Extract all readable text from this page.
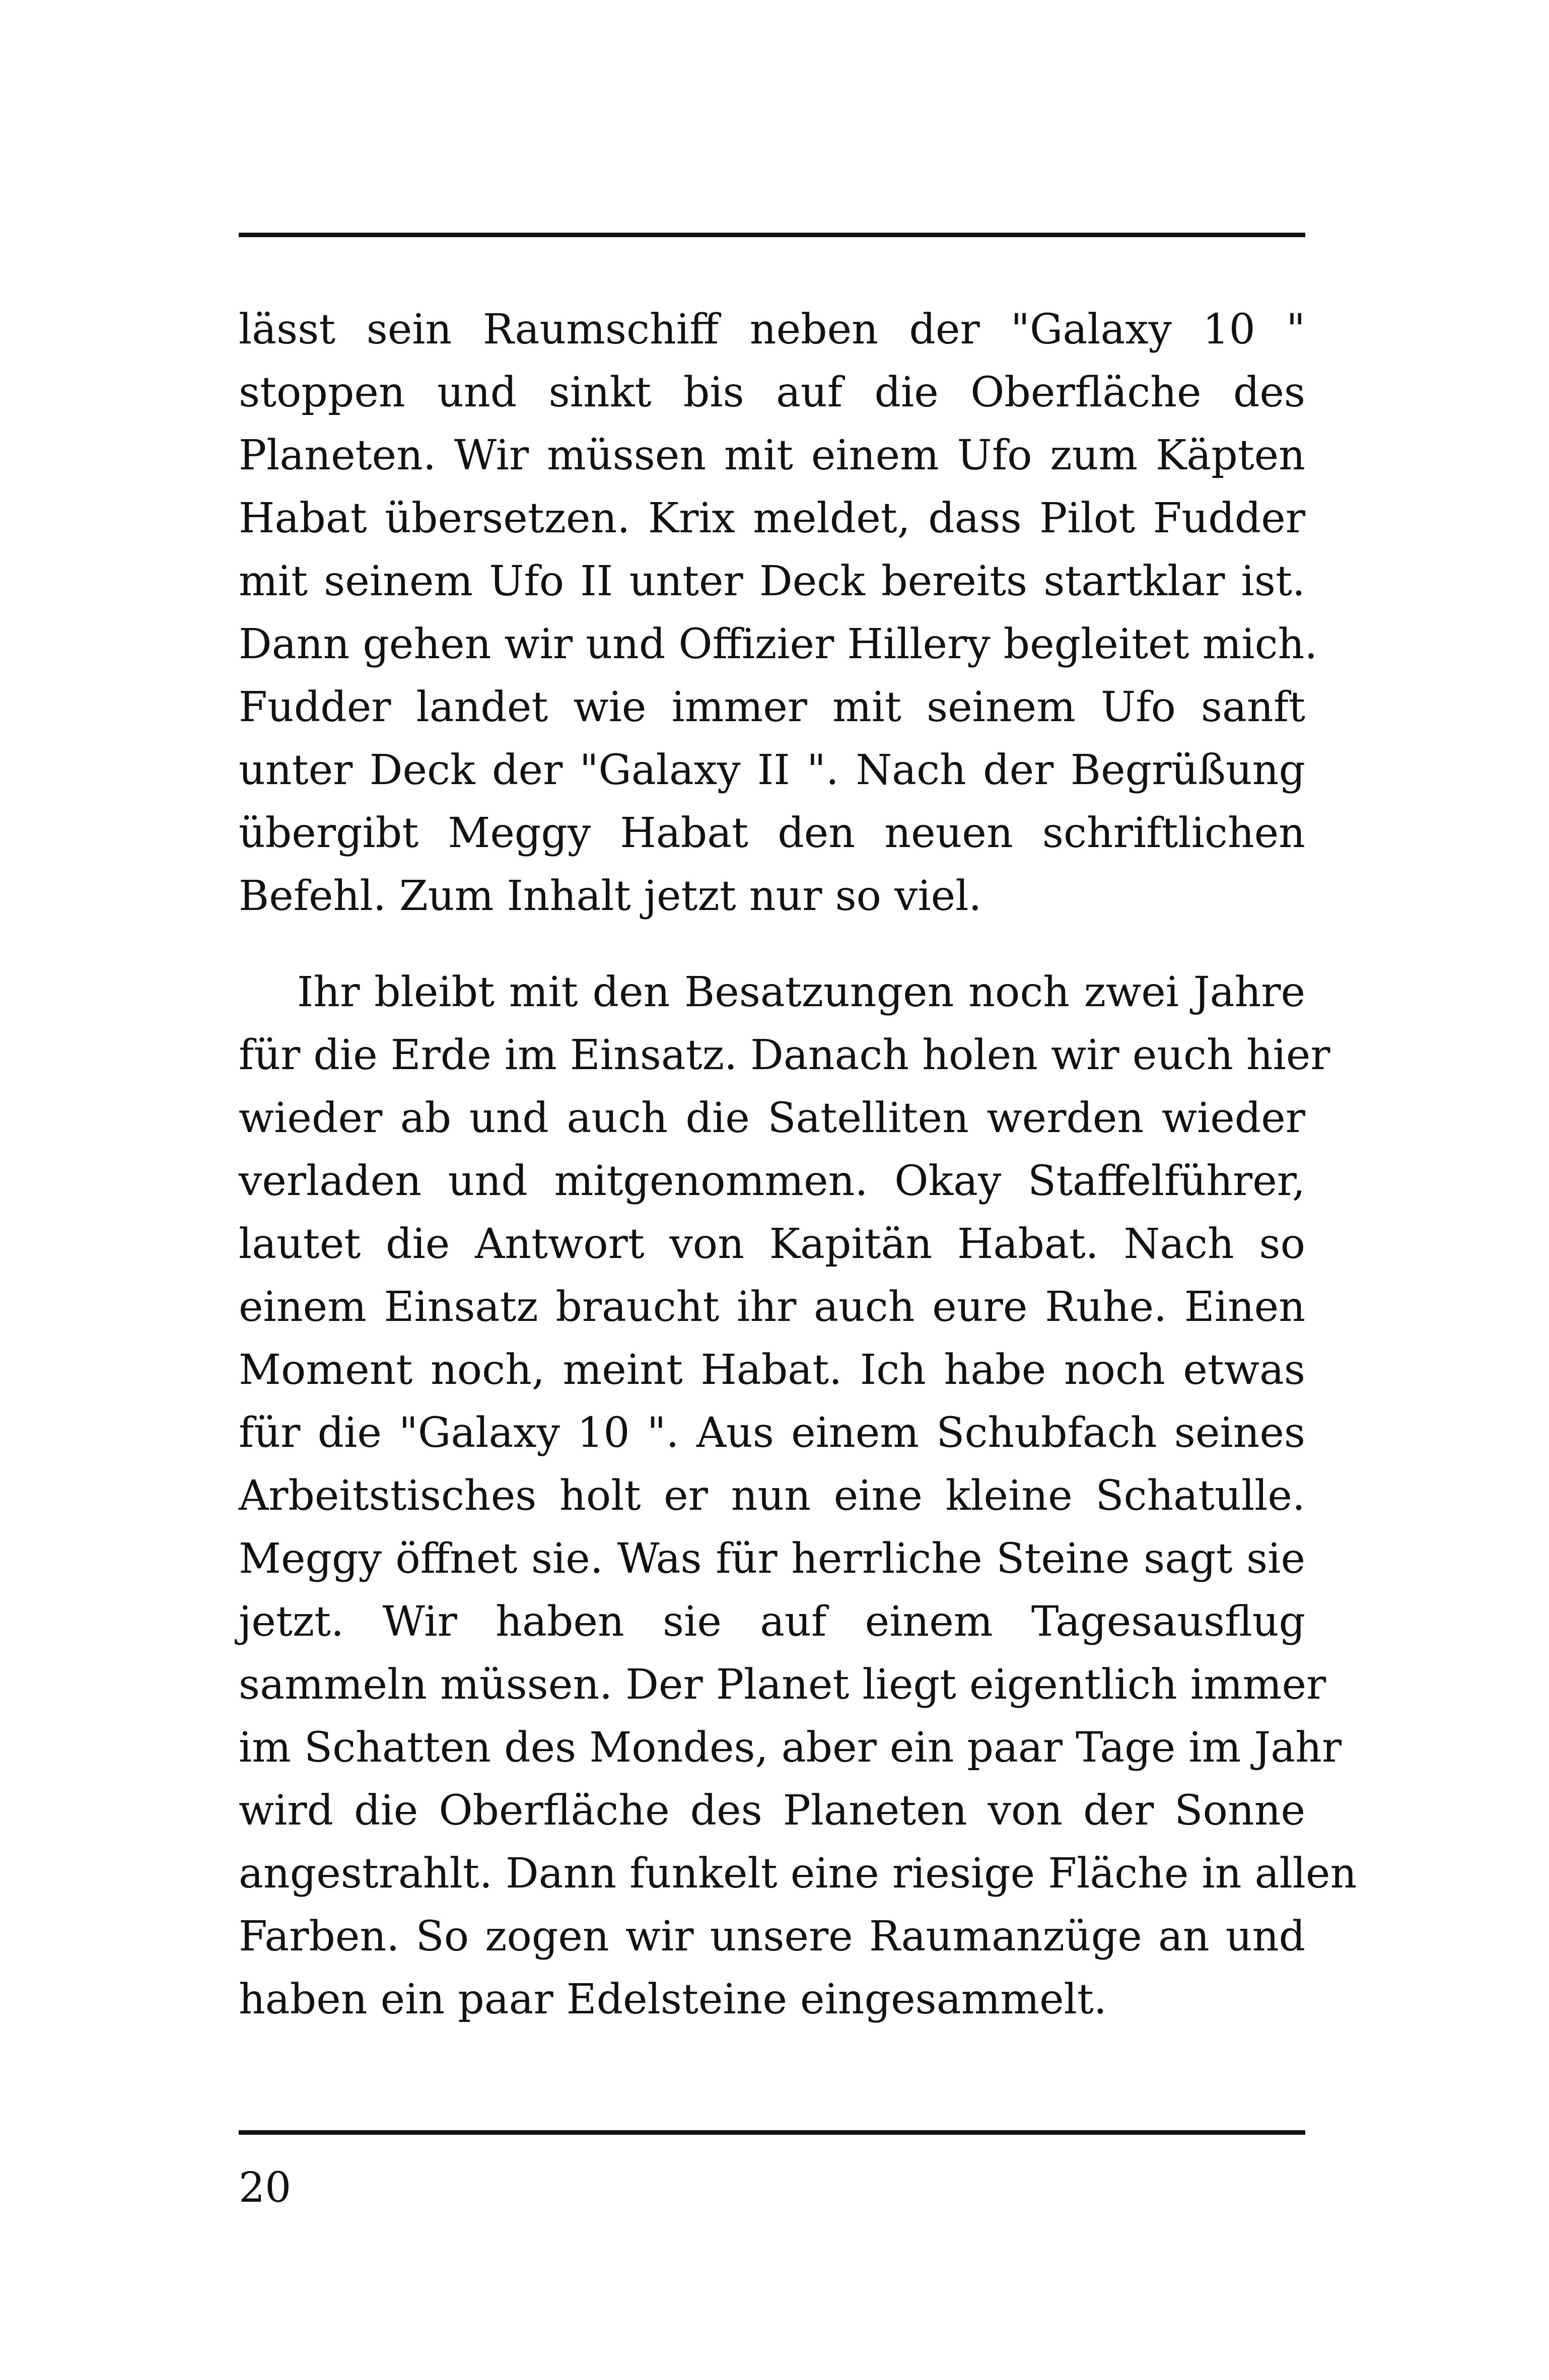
lässt sein Raumschiff neben der "Galaxy 10 "
stoppen und sinkt bis auf die Oberfläche des
Planeten. Wir müssen mit einem Ufo zum Käpten
Habat übersetzen. Krix meldet, dass Pilot Fudder
mit seinem Ufo II unter Deck bereits startklar ist.
Dann gehen wir und Offizier Hillery begleitet mich.
Fudder landet wie immer mit seinem Ufo sanft
unter Deck der "Galaxy II ". Nach der Begrüßung
übergibt Meggy Habat den neuen schriftlichen
Befehl. Zum Inhalt jetzt nur so viel.
Ihr bleibt mit den Besatzungen noch zwei Jahre
für die Erde im Einsatz. Danach holen wir euch hier
wieder ab und auch die Satelliten werden wieder
verladen und mitgenommen. Okay Staffelführer,
lautet die Antwort von Kapitän Habat. Nach so
einem Einsatz braucht ihr auch eure Ruhe. Einen
Moment noch, meint Habat. Ich habe noch etwas
für die "Galaxy 10 ". Aus einem Schubfach seines
Arbeitstisches holt er nun eine kleine Schatulle.
Meggy öffnet sie. Was für herrliche Steine sagt sie
jetzt. Wir haben sie auf einem Tagesausflug
sammeln müssen. Der Planet liegt eigentlich immer
im Schatten des Mondes, aber ein paar Tage im Jahr
wird die Oberfläche des Planeten von der Sonne
angestrahlt. Dann funkelt eine riesige Fläche in allen
Farben. So zogen wir unsere Raumanzüge an und
haben ein paar Edelsteine eingesammelt.
20
